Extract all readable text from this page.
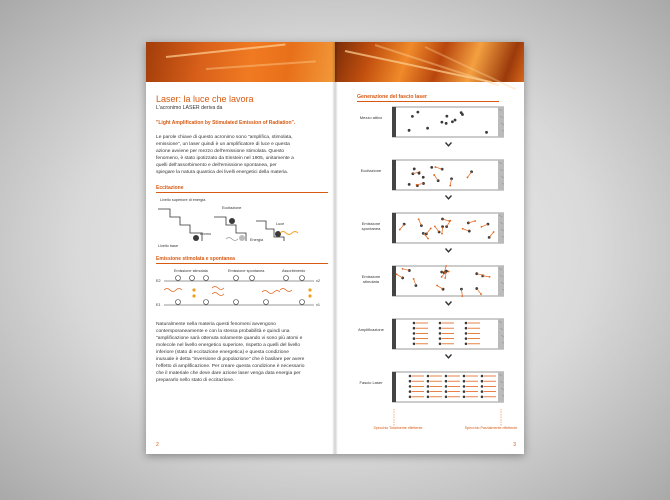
Laser: la luce che lavora

L'acronimo LASER deriva da

"Light Amplification by Stimulated Emission of Radiation".

Le parole chiave di questo acronimo sono "amplifica, stimolata, emissione", un laser quindi è un amplificatore di luce e questa azione avviene per mezzo dell'emissione stimolata. Questo fenomeno, è stato ipotizzato da Einstein nel 1905, unitamente a quelli dell'assorbimento e dell'emissione spontanea, per spiegare la natura quantica dei livelli energetici della materia.

Eccitazione

Livello superiore di energia
Eccitazione
Luce
Atomo
Energia
Livello base

Emissione stimolata e spontanea

Emissione stimolata	Emissione spontanea	Assorbimento
E2
E1
v2
v1

Naturalmente nella materia questi fenomeni avvengono contemporaneamente e con la stessa probabilità e quindi una "amplificazione sarà ottenuta solamente quando vi sono più atomi e molecole nel livello energetico superiore, rispetto a quelli del livello inferiore (stato di eccitazione energetica) e questa condizione inusuale è detta "inversione di popolazione" che è basilare per avere l'effetto di amplificazione. Per creare questa condizione è necessario che il materiale che deve dare azione laser venga data energia per prepararlo nello stato di eccitazione.

2

Generazione del fascio laser

Mezzo attivo
Eccitazione
Emissione spontanea
Emissione stimolata
Amplificazione
Fascio Laser
Specchio Totalmente riflettente	Specchio Parzialmente riflettente
3
